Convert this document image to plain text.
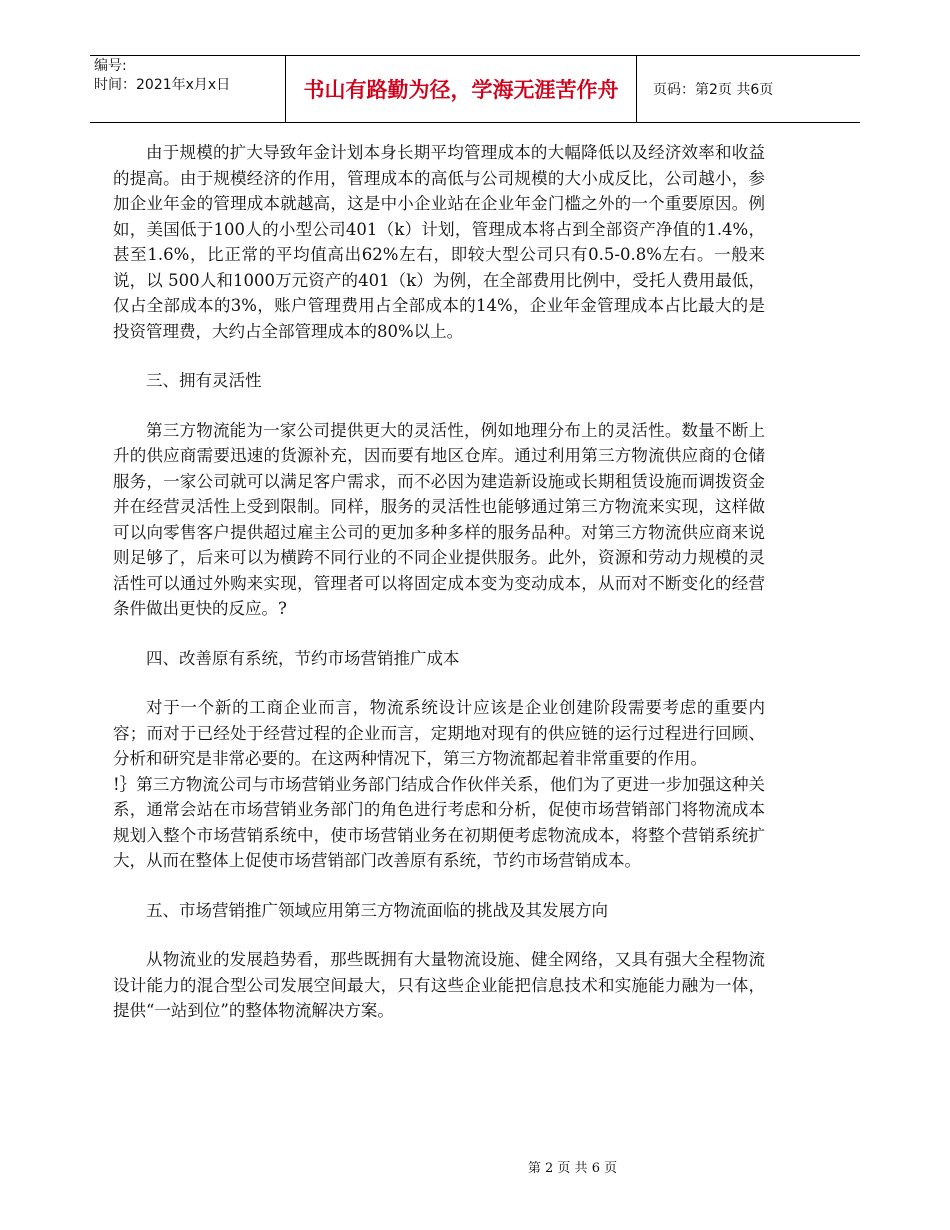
编号:
时间：2021年x月x日	书山有路勤为径，学海无涯苦作舟	页码：第2页 共6页

由于规模的扩大导致年金计划本身长期平均管理成本的大幅降低以及经济效率和收益的提高。由于规模经济的作用，管理成本的高低与公司规模的大小成反比，公司越小，参加企业年金的管理成本就越高，这是中小企业站在企业年金门槛之外的一个重要原因。例如，美国低于100人的小型公司401（k）计划，管理成本将占到全部资产净值的1.4%，甚至1.6%，比正常的平均值高出62%左右，即较大型公司只有0.5-0.8%左右。一般来说，以 500人和1000万元资产的401（k）为例，在全部费用比例中，受托人费用最低，仅占全部成本的3%，账户管理费用占全部成本的14%，企业年金管理成本占比最大的是投资管理费，大约占全部管理成本的80%以上。

三、拥有灵活性

第三方物流能为一家公司提供更大的灵活性，例如地理分布上的灵活性。数量不断上升的供应商需要迅速的货源补充，因而要有地区仓库。通过利用第三方物流供应商的仓储服务，一家公司就可以满足客户需求，而不必因为建造新设施或长期租赁设施而调拨资金并在经营灵活性上受到限制。同样，服务的灵活性也能够通过第三方物流来实现，这样做可以向零售客户提供超过雇主公司的更加多种多样的服务品种。对第三方物流供应商来说则足够了，后来可以为横跨不同行业的不同企业提供服务。此外，资源和劳动力规模的灵活性可以通过外购来实现，管理者可以将固定成本变为变动成本，从而对不断变化的经营条件做出更快的反应。?

四、改善原有系统，节约市场营销推广成本

对于一个新的工商企业而言，物流系统设计应该是企业创建阶段需要考虑的重要内容；而对于已经处于经营过程的企业而言，定期地对现有的供应链的运行过程进行回顾、分析和研究是非常必要的。在这两种情况下，第三方物流都起着非常重要的作用。

!｝第三方物流公司与市场营销业务部门结成合作伙伴关系，他们为了更进一步加强这种关系，通常会站在市场营销业务部门的角色进行考虑和分析，促使市场营销部门将物流成本规划入整个市场营销系统中，使市场营销业务在初期便考虑物流成本，将整个营销系统扩大，从而在整体上促使市场营销部门改善原有系统，节约市场营销成本。

五、市场营销推广领域应用第三方物流面临的挑战及其发展方向

从物流业的发展趋势看，那些既拥有大量物流设施、健全网络，又具有强大全程物流设计能力的混合型公司发展空间最大，只有这些企业能把信息技术和实施能力融为一体，提供“一站到位”的整体物流解决方案。

第 2 页 共 6 页
